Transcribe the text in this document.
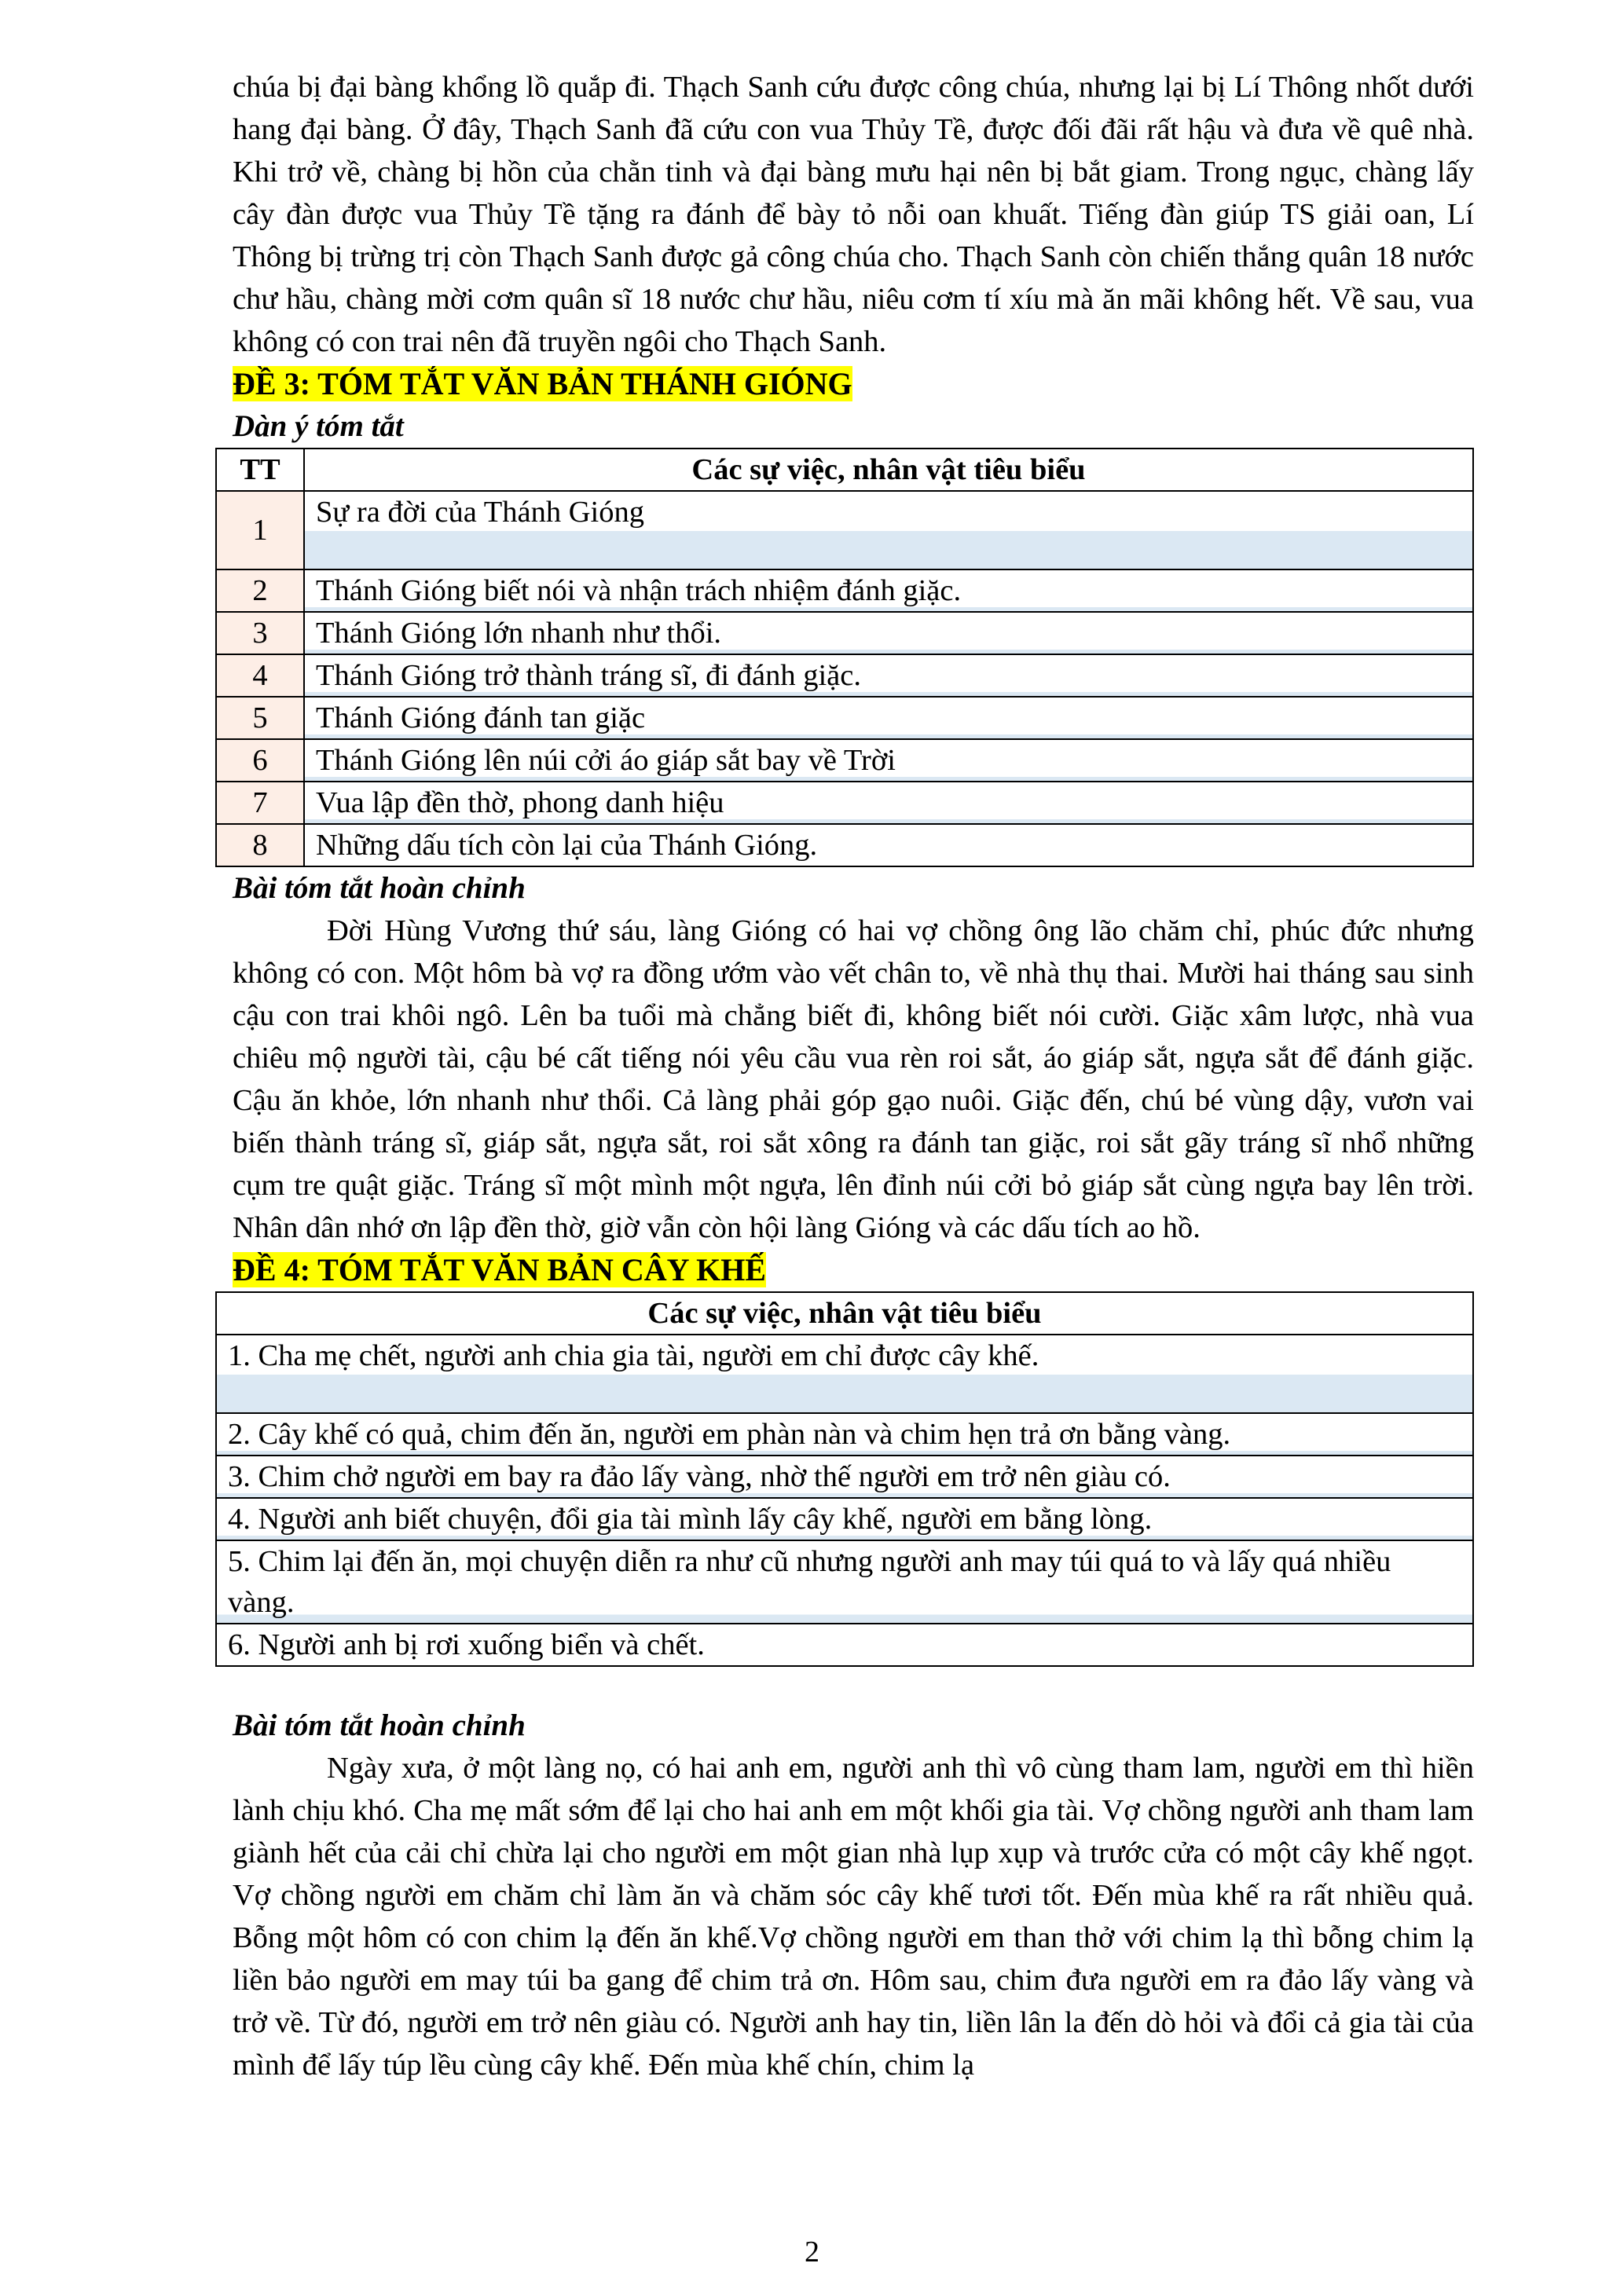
chúa bị đại bàng khổng lồ quắp đi. Thạch Sanh cứu được công chúa, nhưng lại bị Lí Thông nhốt dưới hang đại bàng. Ở đây, Thạch Sanh đã cứu con vua Thủy Tề, được đối đãi rất hậu và đưa về quê nhà. Khi trở về, chàng bị hồn của chằn tinh và đại bàng mưu hại nên bị bắt giam. Trong ngục, chàng lấy cây đàn được vua Thủy Tề tặng ra đánh để bày tỏ nỗi oan khuất. Tiếng đàn giúp TS giải oan, Lí Thông bị trừng trị còn Thạch Sanh được gả công chúa cho. Thạch Sanh còn chiến thắng quân 18 nước chư hầu, chàng mời cơm quân sĩ 18 nước chư hầu, niêu cơm tí xíu mà ăn mãi không hết. Về sau, vua không có con trai nên đã truyền ngôi cho Thạch Sanh.

ĐỀ 3: TÓM TẮT VĂN BẢN THÁNH GIÓNG

Dàn ý tóm tắt

TT	Các sự việc, nhân vật tiêu biểu
1	Sự ra đời của Thánh Gióng
2	Thánh Gióng biết nói và nhận trách nhiệm đánh giặc.
3	Thánh Gióng lớn nhanh như thổi.
4	Thánh Gióng trở thành tráng sĩ, đi đánh giặc.
5	Thánh Gióng đánh tan giặc
6	Thánh Gióng lên núi cởi áo giáp sắt bay về Trời
7	Vua lập đền thờ, phong danh hiệu
8	Những dấu tích còn lại của Thánh Gióng.

Bài tóm tắt hoàn chỉnh

Đời Hùng Vương thứ sáu, làng Gióng có hai vợ chồng ông lão chăm chỉ, phúc đức nhưng không có con. Một hôm bà vợ ra đồng ướm vào vết chân to, về nhà thụ thai. Mười hai tháng sau sinh cậu con trai khôi ngô. Lên ba tuổi mà chẳng biết đi, không biết nói cười. Giặc xâm lược, nhà vua chiêu mộ người tài, cậu bé cất tiếng nói yêu cầu vua rèn roi sắt, áo giáp sắt, ngựa sắt để đánh giặc. Cậu ăn khỏe, lớn nhanh như thổi. Cả làng phải góp gạo nuôi. Giặc đến, chú bé vùng dậy, vươn vai biến thành tráng sĩ, giáp sắt, ngựa sắt, roi sắt xông ra đánh tan giặc, roi sắt gãy tráng sĩ nhổ những cụm tre quật giặc. Tráng sĩ một mình một ngựa, lên đỉnh núi cởi bỏ giáp sắt cùng ngựa bay lên trời. Nhân dân nhớ ơn lập đền thờ, giờ vẫn còn hội làng Gióng và các dấu tích ao hồ.

ĐỀ 4: TÓM TẮT VĂN BẢN CÂY KHẾ

Các sự việc, nhân vật tiêu biểu
1. Cha mẹ chết, người anh chia gia tài, người em chỉ được cây khế.
2. Cây khế có quả, chim đến ăn, người em phàn nàn và chim hẹn trả ơn bằng vàng.
3. Chim chở người em bay ra đảo lấy vàng, nhờ thế người em trở nên giàu có.
4. Người anh biết chuyện, đổi gia tài mình lấy cây khế, người em bằng lòng.
5. Chim lại đến ăn, mọi chuyện diễn ra như cũ nhưng người anh may túi quá to và lấy quá nhiều vàng.
6. Người anh bị rơi xuống biển và chết.

Bài tóm tắt hoàn chỉnh

Ngày xưa, ở một làng nọ, có hai anh em, người anh thì vô cùng tham lam, người em thì hiền lành chịu khó. Cha mẹ mất sớm để lại cho hai anh em một khối gia tài. Vợ chồng người anh tham lam giành hết của cải chỉ chừa lại cho người em một gian nhà lụp xụp và trước cửa có một cây khế ngọt. Vợ chồng người em chăm chỉ làm ăn và chăm sóc cây khế tươi tốt. Đến mùa khế ra rất nhiều quả. Bỗng một hôm có con chim lạ đến ăn khế.Vợ chồng người em than thở với chim lạ thì bỗng chim lạ liền bảo người em may túi ba gang để chim trả ơn. Hôm sau, chim đưa người em ra đảo lấy vàng và trở về. Từ đó, người em trở nên giàu có. Người anh hay tin, liền lân la đến dò hỏi và đổi cả gia tài của mình để lấy túp lều cùng cây khế. Đến mùa khế chín, chim lạ

2
